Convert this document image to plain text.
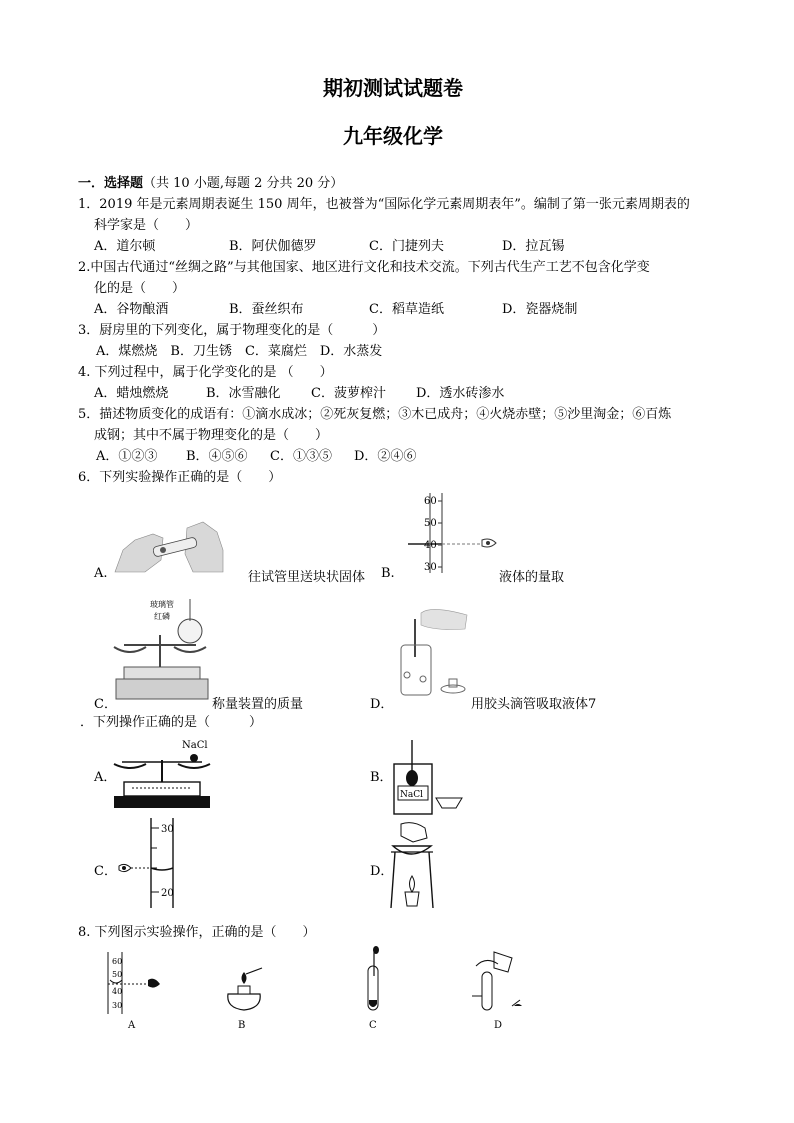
期初测试试题卷
九年级化学
一．选择题（共 10 小题,每题 2 分共 20 分）
1．2019 年是元素周期表诞生 150 周年，也被誉为“国际化学元素周期表年”。编制了第一张元素周期表的
科学家是（　　）
A．道尔顿	B．阿伏伽德罗	C．门捷列夫	D．拉瓦锡
2.中国古代通过“丝绸之路”与其他国家、地区进行文化和技术交流。下列古代生产工艺不包含化学变
化的是（　　）
A．谷物酿酒	B．蚕丝织布	C．稻草造纸	D．瓷器烧制
3．厨房里的下列变化，属于物理变化的是（　　　）
A．煤燃烧　B．刀生锈　C．菜腐烂　D．水蒸发
4. 下列过程中，属于化学变化的是 （　　）
A．蜡烛燃烧	B．冰雪融化 C．菠萝榨汁 D．透水砖渗水
5．描述物质变化的成语有：①滴水成冰；②死灰复燃；③木已成舟；④火烧赤壁；⑤沙里淘金；⑥百炼
成钢；其中不属于物理变化的是（　　）
A．①②③ B．④⑤⑥ C．①③⑤ D．②④⑥
6．下列实验操作正确的是（　　）
A.	往试管里送块状固体
60
50
40
30
B.	液体的量取
玻璃管
红磷
C．	称量装置的质量	D．	用胶头滴管吸取液体7
．下列操作正确的是（　　　）
NaCl
A．
NaCl
B．
30
20
C．	D．
8. 下列图示实验操作，正确的是（　　）
60
50
40
30
A	B	C	D
